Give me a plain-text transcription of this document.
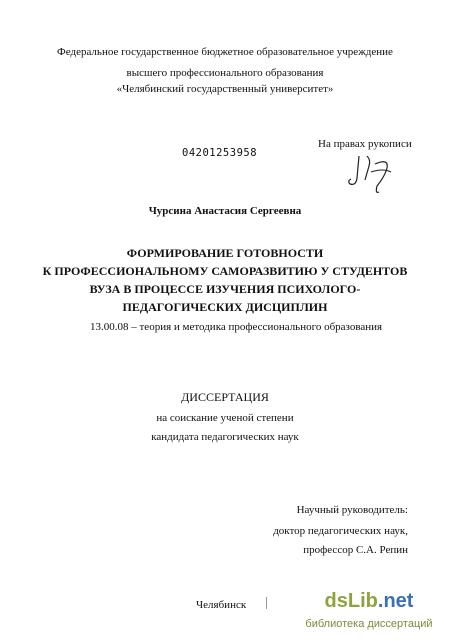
Федеральное государственное бюджетное образовательное учреждение
высшего профессионального образования
«Челябинский государственный университет»
04201253958
На правах рукописи
Чурсина Анастасия Сергеевна
ФОРМИРОВАНИЕ ГОТОВНОСТИ
К ПРОФЕССИОНАЛЬНОМУ САМОРАЗВИТИЮ У СТУДЕНТОВ
ВУЗА В ПРОЦЕССЕ ИЗУЧЕНИЯ ПСИХОЛОГО-
ПЕДАГОГИЧЕСКИХ ДИСЦИПЛИН
13.00.08 – теория и методика профессионального образования
ДИССЕРТАЦИЯ
на соискание ученой степени
кандидата педагогических наук
Научный руководитель:
доктор педагогических наук,
профессор С.А. Репин
Челябинск	dsLib.net
библиотека диссертаций
